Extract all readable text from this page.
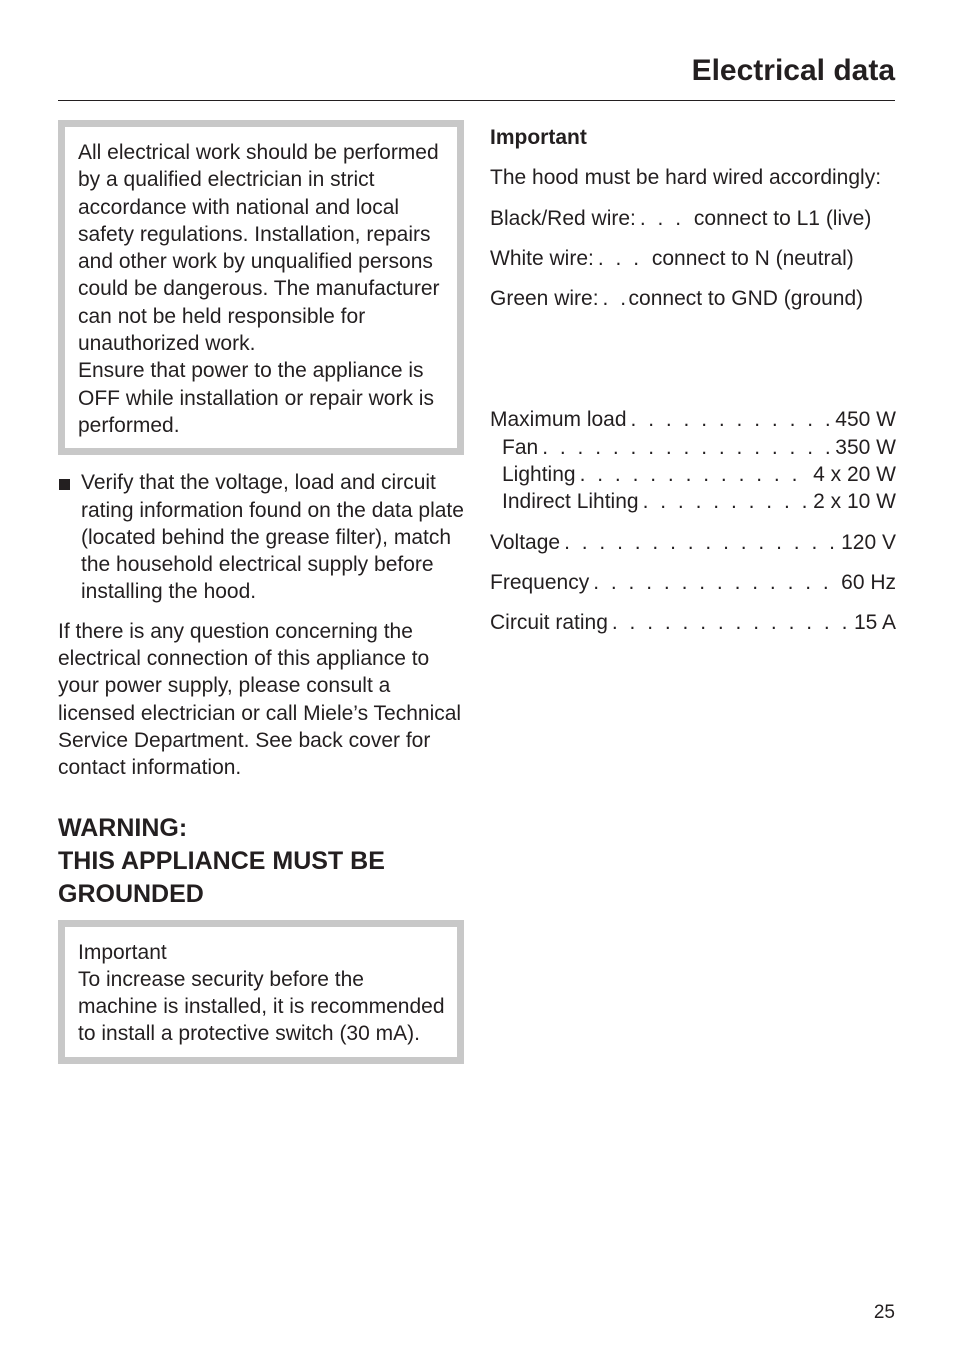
Electrical data

All electrical work should be performed by a qualified electrician in strict accordance with national and local safety regulations. Installation, repairs and other work by unqualified persons could be dangerous. The manufacturer can not be held responsible for unauthorized work.

Ensure that power to the appliance is OFF while installation or repair work is performed.

Verify that the voltage, load and circuit rating information found on the data plate (located behind the grease filter), match the household electrical supply before installing the hood.

If there is any question concerning the electrical connection of this appliance to your power supply, please consult a licensed electrician or call Miele’s Technical Service Department. See back cover for contact information.

WARNING:
THIS APPLIANCE MUST BE
GROUNDED

Important

To increase security before the machine is installed, it is recommended to install a protective switch (30 mA).

Important

The hood must be hard wired accordingly:

Black/Red wire: . . .	connect to L1 (live)
White wire: . . .	connect to N (neutral)
Green wire: . . . connect to GND (ground)
Maximum load . . .	450 W
Fan . . .	350 W
Lighting . . .	4 x 20 W
Indirect Lihting . . .	2 x 10 W
Voltage . . .	120 V
Frequency . . .	60 Hz
Circuit rating . . .	15 A
25
